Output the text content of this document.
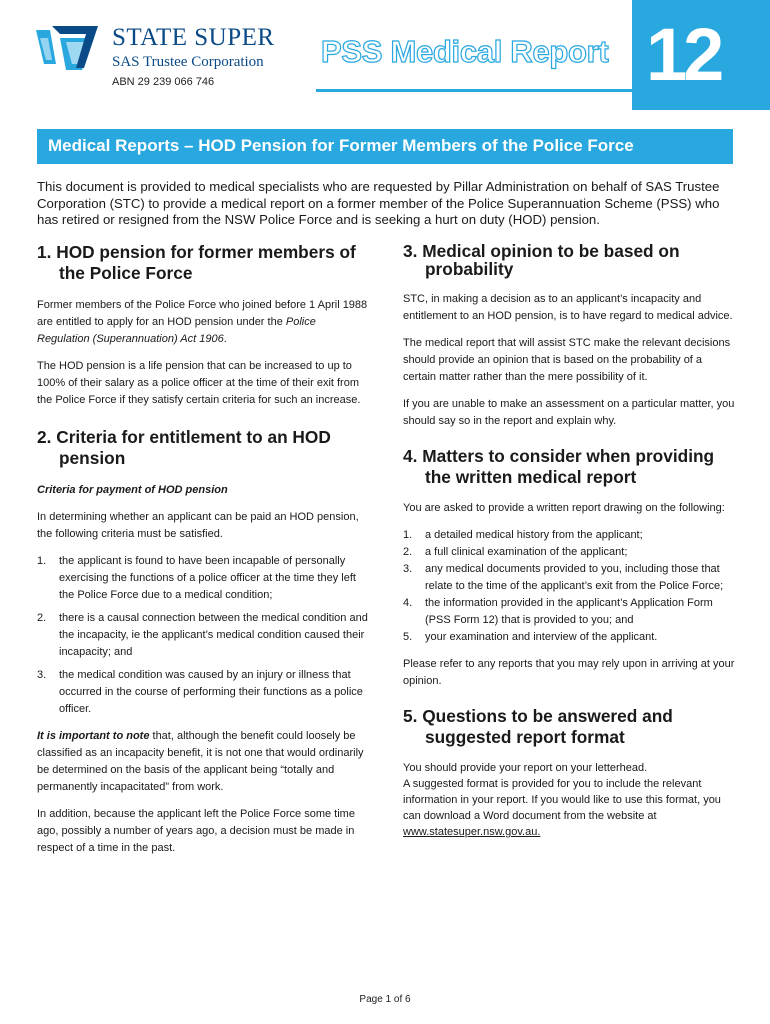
STATE SUPER
SAS Trustee Corporation
ABN 29 239 066 746
PSS Medical Report 12
Medical Reports – HOD Pension for Former Members of the Police Force
This document is provided to medical specialists who are requested by Pillar Administration on behalf of SAS Trustee Corporation (STC) to provide a medical report on a former member of the Police Superannuation Scheme (PSS) who has retired or resigned from the NSW Police Force and is seeking a hurt on duty (HOD) pension.
1. HOD pension for former members of the Police Force

Former members of the Police Force who joined before 1 April 1988 are entitled to apply for an HOD pension under the Police Regulation (Superannuation) Act 1906.

The HOD pension is a life pension that can be increased to up to 100% of their salary as a police officer at the time of their exit from the Police Force if they satisfy certain criteria for such an increase.

2. Criteria for entitlement to an HOD pension

Criteria for payment of HOD pension

In determining whether an applicant can be paid an HOD pension, the following criteria must be satisfied.

1. the applicant is found to have been incapable of personally exercising the functions of a police officer at the time they left the Police Force due to a medical condition;
2. there is a causal connection between the medical condition and the incapacity, ie the applicant’s medical condition caused their incapacity; and
3. the medical condition was caused by an injury or illness that occurred in the course of performing their functions as a police officer.

It is important to note that, although the benefit could loosely be classified as an incapacity benefit, it is not one that would ordinarily be determined on the basis of the applicant being “totally and permanently incapacitated” from work.

In addition, because the applicant left the Police Force some time ago, possibly a number of years ago, a decision must be made in respect of a time in the past.

3. Medical opinion to be based on probability

STC, in making a decision as to an applicant’s incapacity and entitlement to an HOD pension, is to have regard to medical advice.

The medical report that will assist STC make the relevant decisions should provide an opinion that is based on the probability of a certain matter rather than the mere possibility of it.

If you are unable to make an assessment on a particular matter, you should say so in the report and explain why.

4. Matters to consider when providing the written medical report

You are asked to provide a written report drawing on the following:

1. a detailed medical history from the applicant;
2. a full clinical examination of the applicant;
3. any medical documents provided to you, including those that relate to the time of the applicant’s exit from the Police Force;
4. the information provided in the applicant’s Application Form (PSS Form 12) that is provided to you; and
5. your examination and interview of the applicant.

Please refer to any reports that you may rely upon in arriving at your opinion.

5. Questions to be answered and suggested report format

You should provide your report on your letterhead.
A suggested format is provided for you to include the relevant information in your report. If you would like to use this format, you can download a Word document from the website at www.statesuper.nsw.gov.au.

Page 1 of 6
